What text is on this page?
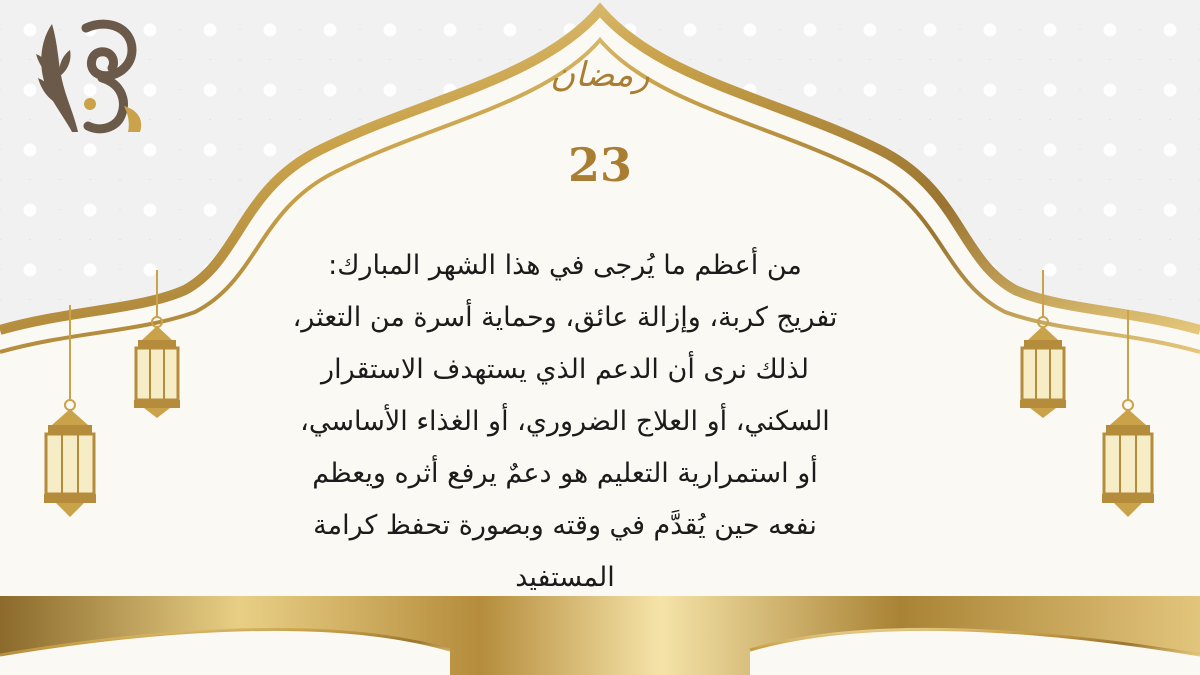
رمضان
23
من أعظم ما يُرجى في هذا الشهر المبارك:
تفريج كربة، وإزالة عائق، وحماية أسرة من التعثر،
لذلك نرى أن الدعم الذي يستهدف الاستقرار
السكني، أو العلاج الضروري، أو الغذاء الأساسي،
أو استمرارية التعليم هو دعمٌ يرفع أثره ويعظم
نفعه حين يُقدَّم في وقته وبصورة تحفظ كرامة
المستفيد
